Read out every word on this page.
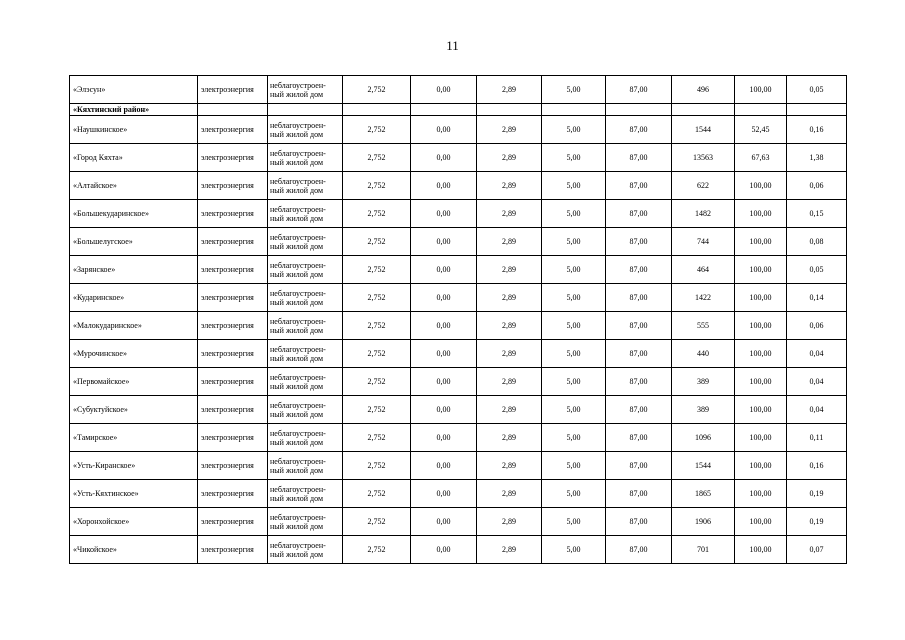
11
«Элэсун»	электроэнергия	неблагоустроен-ный жилой дом	2,752	0,00	2,89	5,00	87,00	496	100,00	0,05
«Кяхтинский район»										
«Наушкинское»	электроэнергия	неблагоустроен-ный жилой дом	2,752	0,00	2,89	5,00	87,00	1544	52,45	0,16
«Город Кяхта»	электроэнергия	неблагоустроен-ный жилой дом	2,752	0,00	2,89	5,00	87,00	13563	67,63	1,38
«Алтайское»	электроэнергия	неблагоустроен-ный жилой дом	2,752	0,00	2,89	5,00	87,00	622	100,00	0,06
«Большекударинское»	электроэнергия	неблагоустроен-ный жилой дом	2,752	0,00	2,89	5,00	87,00	1482	100,00	0,15
«Большелугское»	электроэнергия	неблагоустроен-ный жилой дом	2,752	0,00	2,89	5,00	87,00	744	100,00	0,08
«Зарянское»	электроэнергия	неблагоустроен-ный жилой дом	2,752	0,00	2,89	5,00	87,00	464	100,00	0,05
«Кударинское»	электроэнергия	неблагоустроен-ный жилой дом	2,752	0,00	2,89	5,00	87,00	1422	100,00	0,14
«Малокударинское»	электроэнергия	неблагоустроен-ный жилой дом	2,752	0,00	2,89	5,00	87,00	555	100,00	0,06
«Мурочинское»	электроэнергия	неблагоустроен-ный жилой дом	2,752	0,00	2,89	5,00	87,00	440	100,00	0,04
«Первомайское»	электроэнергия	неблагоустроен-ный жилой дом	2,752	0,00	2,89	5,00	87,00	389	100,00	0,04
«Субуктуйское»	электроэнергия	неблагоустроен-ный жилой дом	2,752	0,00	2,89	5,00	87,00	389	100,00	0,04
«Тамирское»	электроэнергия	неблагоустроен-ный жилой дом	2,752	0,00	2,89	5,00	87,00	1096	100,00	0,11
«Усть-Киранское»	электроэнергия	неблагоустроен-ный жилой дом	2,752	0,00	2,89	5,00	87,00	1544	100,00	0,16
«Усть-Кяхтинское»	электроэнергия	неблагоустроен-ный жилой дом	2,752	0,00	2,89	5,00	87,00	1865	100,00	0,19
«Хоронхойское»	электроэнергия	неблагоустроен-ный жилой дом	2,752	0,00	2,89	5,00	87,00	1906	100,00	0,19
«Чикойское»	электроэнергия	неблагоустроен-ный жилой дом	2,752	0,00	2,89	5,00	87,00	701	100,00	0,07
